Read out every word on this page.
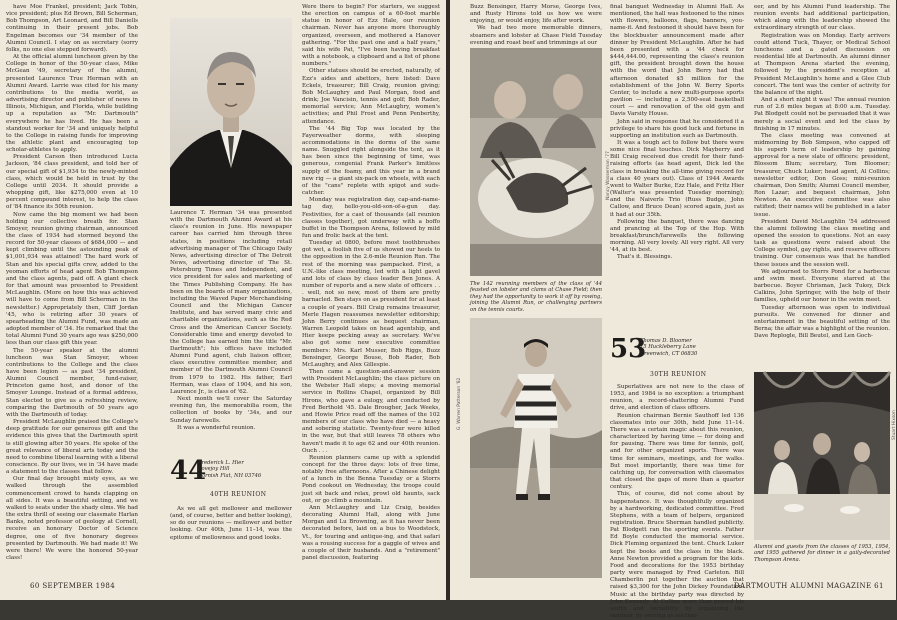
have Moe Frankel, president; Jack Tobin, vice president; plus Ed Brown, Bill Scherman, Bob Thompson, Art Leonard, and Bill Daniells continuing in their present jobs. Bob Engelman becomes our '34 member of the Alumni Council. I stay on as secretary (sorry folks, no one else stepped forward).

At the official alumni luncheon given by the College in honor of the 50-year class, Mike McGean '49, secretary of the alumni, presented Laurence True Herman with an Alumni Award. Larrie was cited for his many contributions to the media world, as advertising director and publisher of news in Illinois, Michigan, and Florida, while building up a reputation as "Mr. Dartmouth" everywhere he has lived. He has been a standout worker for '34 and uniquely helpful to the College in raising funds for improving the athletic plant and encouraging top scholar-athletes to apply.

President Carson then introduced Lucia Jackson, '84 class president, and told her of our special gift of $1,934 to the newly-minted class, which would be held in trust by the College until 2034. It should provide a whopping gift, like $275,000 even at 10 percent compound interest, to help the class of '84 finance its 50th reunion.

Now came the big moment we had been holding our collective breath for. Stan Smoyer, reunion giving chairman, announced the class of 1934 had stormed beyond the record for 50-year classes of $684,000 — and kept climbing until the astounding peak of $1,001,934 was attained! The hard work of Stan and his special gifts crew, added to the yeoman efforts of head agent Bob Thompson and the class agents, paid off. A giant check for that amount was presented to President McLaughlin. (More on how this was achieved will have to come from Bill Scherman in the newsletter.) Appropriately then, Cliff Jordan '45, who is retiring after 30 years of spearheading the Alumni Fund, was made an adopted member of '34. He remarked that the total Alumni Fund 30 years ago was $250,000 less than our class gift this year.

The 50-year speaker at the alumni luncheon was Stan Smoyer, whose contributions to the College and the class have been legion — as past '34 president, Alumni Council member, fund-raiser, Princeton game host, and donor of the Smoyer Lounge. Instead of a formal address, Stan elected to give us a refreshing review, comparing the Dartmouth of 50 years ago with the Dartmouth of today.

President McLaughlin praised the College's deep gratitude for our generous gift and the evidence this gives that the Dartmouth spirit is still glowing after 50 years. He spoke of the great relevance of liberal arts today and the need to combine liberal learning with a liberal conscience. By our lives, we in '34 have made a statement to the classes that follow.

Our final day brought misty eyes, as we walked through the assembled commencement crowd to hands clapping on all sides. It was a beautiful setting, and we walked to seats under the shady elms. We had the extra thrill of seeing our classmate Harlan Banks, noted professor of geology at Cornell, receive an honorary Doctor of Science degree, one of five honorary degrees presented by Dartmouth. We had made it! We were there! We were the honored 50-year class!

Laurence T. Herman '34 was presented with the Dartmouth Alumni Award at his class's reunion in June. His newspaper career has carried him through three states, in positions including retail advertising manager of The Chicago Daily News, advertising director of The Detroit News, advertising director of The St. Petersburg Times and Independent, and vice president for sales and marketing of the Times Publishing Company. He has been on the boards of many organizations, including the Waved Paper Merchandising Council and the Michigan Cancer Institute, and has served many civic and charitable organizations, such as the Red Cross and the American Cancer Society. Considerable time and energy devoted to the College has earned him the title "Mr. Dartmouth"; his offices have included Alumni Fund agent, club liaison officer, class executive committee member, and member of the Dartmouth Alumni Council from 1979 to 1982. His father, Earl Herman, was class of 1904, and his son, Laurence Jr., is class of '62.

Next month we'll cover the Saturday evening fun, the memorabilia room, the collection of books by '34s, and our Sunday farewells.

It was a wonderful reunion.

44
Frederick L. Hier
Lovejoy Hill
Cornish Flat, NH 03746
40TH REUNION

As we all get mellower and mellower (and, of course, better and better looking), so do our reunions — mellower and better looking. Our 40th, June 11–14, was the epitome of mellowness and good looks.

Were there to begin? For starters, we suggest the erection on campus of a 60-foot marble statue in honor of Ezz Hale, our reunion chairman. Never has anyone more thoroughly organized, overseen, and mothered a Hanover gathering. "For the past one and a half years," said his wife Pat, "I've been having breakfast with a notebook, a clipboard and a list of phone numbers."

Other statues should be erected, naturally, of Ezz's aides and abettors, here listed: Dave Eckels, treasurer; Bill Craig, reunion giving; Bob McLaughry and Paul Morgan, food and drink; Joe Vancisin, tennis and golf; Bob Rader, memorial service; Ann McLaughry, women's activities; and Phil Frost and Penn Penberthy, attendance.

The '44 Big Top was located by the Fayerweather dorms, with sleeping accommodations in the dorms of the same name. Snuggled right alongside the tent, as it has been since the beginning of time, was generous, congenial Frank Parker's limitless supply of the foamy, and this year in a brand new rig — a giant six-pack on wheels, with each of the "cans" replete with spigot and suds-catcher.

Monday was registration day, cap-and-name-tag day, hello-you-old-son-of-a-gun day. Festivities, for a cast of thousands (all reunion classes together), got underway with a boffo buffet in the Thompson Arena, followed by mild fun and frolic back at the tent.

Tuesday at 0800, before most toothbrushes got wet, a foolish five of us showed our heels to the opposition in the 2.6-mile Reunion Run. The rest of the morning was pampacked. First, a U.N.-like class meeting, led with a light gavel and lots of class by class leader Ben Jones. A number of reports and a new slate of officers . . . well, not so new, most of them are pretty barnacled. Ben stays on as president for at least a couple of years. Bill Craig remains treasurer, Merle Hagen reassumes newsletter editorship; John Berry continues as bequest chairman, Warren Leopold takes on head agentship, and Hier keeps pecking away as secretary. We've also got some new executive committee members: Mrs. Karl Musser, Bob Riggs, Buzz Bensinger, George Bouse, Bob Rader, Bob McLaughry, and Alex Gillespie.

Then came a question-and-answer session with President McLaughlin; the class picture on the Webster Hall steps; a moving memorial service in Rollins Chapel, organized by Bill Hirons, who gave a eulogy, and conducted by Fred Berthold '45. Dale Brougher, Jack Weeks, and Howie Price read off the names of the 102 members of our class who have died — a heavy and sobering statistic. Twenty-four were killed in the war, but that still leaves 78 others who haven't made it to age 62 and our 40th reunion. Ouch . . .

Reunion planners came up with a splendid concept for the three days: lots of free time, notably free afternoons. After a Chinese delight of a lunch in the Benna Tuesday or a Storrs Pond cookout on Wednesday, the troops could just sit back and relax, prowl old haunts, sack out, or go climb a mountain.

Ann McLaughry and Liz Craig, besides decorating Alumni Hall, along with June Morgan and Lu Browning, as it has never been decorated before, laid on a bus to Woodstock, Vt., for touring and antique-ing, and that safari was a rousing success for a gaggle of wives and a couple of their husbands. And a "retirement" panel discussion, featuring

60 SEPTEMBER 1984

Buzz Bensinger, Harry Morse, George Ives, and Rusty Hirons told us how we were enjoying, or would enjoy, life after work.

We had two more memorable dinners, steamers and lobster at Chase Field Tuesday evening and roast beef and trimmings at our

Nancy Wasserman '77
The 142 reunning members of the class of '44 feasted on lobster and clams at Chase Field; then they had the opportunity to work it off by rowing, joining the Alumni Run, or challenging partners on the tennis courts.
G. Warren Patterson '82

final banquet Wednesday in Alumni Hall. As mentioned, the hall was festooned to the nines with flowers, balloons, flags, banners, you-name-it. And festooned it should have been for the blockbuster announcement made after dinner by President McLaughlin. After he had been presented with a '44 check for $444,444.00, representing the class's reunion gift, the president brought down the house with the word that John Berry had that afternoon donated $5 million for the establishment of the John W. Berry Sports Center, to include a new multi-purpose sports pavilion — including a 2,500-seat basketball court — and renovation of the old gym and Davis Varsity House.

John said in response that he considered it a privilege to share his good luck and fortune in supporting an institution such as Dartmouth.

It was a tough act to follow but there were some nice final touches. Dick Mayberry and Bill Craig received due credit for their fund-raising efforts (as head agent, Dick led the class in breaking the all-time giving record for a class 40 years out). Class of 1944 Awards went to Walter Burke, Ezz Hale, and Fritz Hier (Walter's was presented Tuesday morning); and the Naiverls Trio (Russ Budge, John Callow, and Bruce Dean) scored again, just as it had at our 35th.

Following the banquet, there was dancing and prancing at the Top of the Hop. With breakfast/brunch/farewells the following morning. All very lovely. All very right. All very '44, at its best.

That's it. Blessings.

53
Thomas D. Bloomer
15 Huckleberry Lane
Greenwich, CT 06830
30TH REUNION

Superlatives are not new to the class of 1953, and 1984 is no exception: a triumphant reunion, a record-shattering Alumni Fund drive, and election of class officers.

Reunion chairman Bernie Sauthoff led 136 classmates into our 30th, held June 11–14. There was a certain magic about this reunion, characterized by having time — for doing and for pausing. There was time for tennis, golf, and for other organized sports. There was time for seminars, meetings, and for walks. But most importantly, there was time for catching up, for conversation with classmates that closed the gaps of more than a quarter century.

This, of course, did not come about by happenstance. It was thoughtfully organized by a hardworking, dedicated committee. Fred Stephens, with a team of helpers, organized registration. Bruce Sherman handled publicity. Pat Blodgett ran the sporting events. Father Ed Boyle conducted the memorial service. Dick Fleming organized the tent. Chuck Luker kept the books and the class in the black. Anne Newton provided a program for the kids. Food and decorations for the 1953 birthday party were managed by Fred Carleton. Bill Chamberlin put together the auction that raised $3,300 for the John Dickey Foundation. Music at the birthday party was directed by John Kennedy. Al Collins more than proved his worth and versatility by organizing the seminar, by serving as auction-

eer, and by his Alumni Fund leadership. The reunion events had additional participation, which along with the leadership showed the extraordinary strength of our class.

Registration was on Monday. Early arrivers could attend Tuck, Thayer, or Medical School luncheons and a gated discussion on residential life at Dartmouth. An alumni dinner at Thompson Arena started the evening, followed by the president's reception at President McLaughlin's home and a Glee Club concert. The tent was the center of activity for the balance of the night.

And a short night it was! The annual reunion run of 2.6 miles began at 8:00 a.m. Tuesday. Pat Blodgett could not be persuaded that it was merely a social event and led the class by finishing in 17 minutes.

The class meeting was convened at midmorning by Bob Simpson, who capped off his superb term of leadership by gaining approval for a new slate of officers: president, Blossom Blum; secretary, Tom Bloomer; treasurer, Chuck Luker; head agent, Al Collins; newsletter editor, Don Goss; mini-reunion chairman, Don Smith; Alumni Council member, Ron Lazar; and bequest chairman, John Newton. An executive committee was also ratified; their names will be published in a later issue.

President David McLaughlin '54 addressed the alumni following the class meeting and opened the session to questions. Not an easy task as questions were raised about the College symbol, gay rights, and reserve officers training. Our consensus was that he handled these issues and the session well.

We adjourned to Storrs Pond for a barbecue and swim meet. Everyone starred at the barbecue. Boyer Chrisman, Jack Tukey, Dick Calkins, John Springer, with the help of their families, upheld our honor in the swim meet.

Tuesday afternoon was open to individual pursuits. We convened for dinner and entertainment in the beautiful setting of the Berna; the affair was a highlight of the reunion. Dave Replogle, Bill Beutel, and Len Goch-

Stuart Hixson
Alumni and guests from the classes of 1953, 1954, and 1955 gathered for dinner in a gaily-decorated Thompson Arena.
DARTMOUTH ALUMNI MAGAZINE 61
